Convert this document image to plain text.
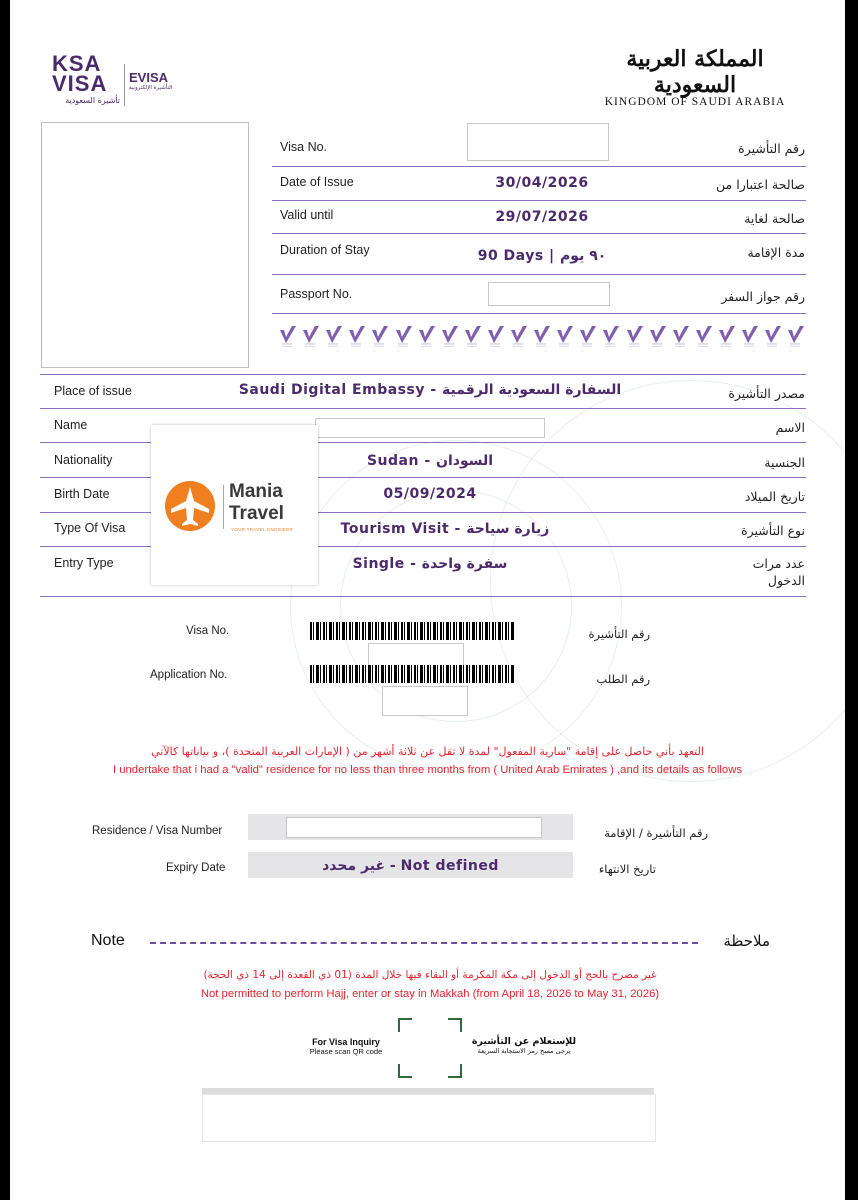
KSA
VISA
تأشيرة السعودية
EVISA
التأشيرة الإلكترونية
المملكة العربية السعودية
KINGDOM OF SAUDI ARABIA
Visa No.	رقم التأشيرة
Date of Issue	30/04/2026	صالحة اعتبارا من
Valid until	29/07/2026	صالحة لغاية
Duration of Stay	90 Days | ٩٠ يوم	مدة الإقامة
Passport No.	رقم جواز السفر
Place of issue	Saudi Digital Embassy - السفارة السعودية الرقمية	مصدر التأشيرة
Name	الاسم
Nationality	Sudan - السودان	الجنسية
Birth Date	05/09/2024	تاريخ الميلاد
Type Of Visa	Tourism Visit - زيارة سياحة	نوع التأشيرة
Entry Type	Single - سفرة واحدة	عدد مرات
الدخول
Mania
Travel
YOUR TRAVEL ENGINEER
Visa No.	رقم التأشيرة
Application No.	رقم الطلب
التعهد بأني حاصل على إقامة "سارية المفعول" لمدة لا تقل عن ثلاثة أشهر من ( الإمارات العربية المتحدة )، و بياناتها كالآتي
I undertake that i had a "valid" residence for no less than three months from ( United Arab Emirates ) ,and its details as follows
Residence / Visa Number	رقم التأشيرة / الإقامة
Expiry Date	غير محدد - Not defined	تاريخ الانتهاء
Note	ملاحظة
غير مصرح بالحج أو الدخول إلى مكة المكرمة أو البقاء فيها خلال المدة (01 ذي القعدة إلى 14 ذي الحجة)
Not permitted to perform Hajj, enter or stay in Makkah (from April 18, 2026 to May 31, 2026)
For Visa Inquiry
Please scan QR code
للإستعلام عن التأشيرة
يرجى مسح رمز الاستجابة السريعة
